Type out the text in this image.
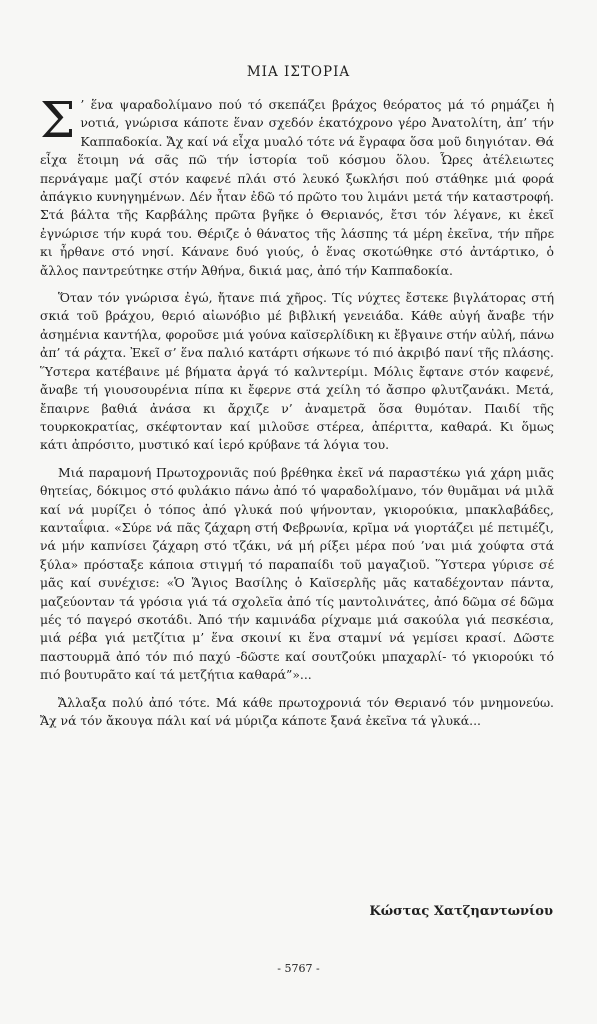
ΜΙΑ ΙΣΤΟΡΙΑ

Σ ’ ἕνα ψαραδολίμανο πού τό σκεπάζει βράχος θεόρατος μά τό ρημάζει ἡ νοτιά, γνώρισα κάποτε ἕναν σχεδόν ἑκατόχρονο γέρο Ἀνατολίτη, ἀπ’ τήν Καππαδοκία. Ἄχ καί νά εἶχα μυαλό τότε νά ἔγραφα ὅσα μοῦ διηγιόταν. Θά εἶχα ἕτοιμη νά σᾶς πῶ τήν ἱστορία τοῦ κόσμου ὅλου. Ὧρες ἀτέλειωτες περνάγαμε μαζί στόν καφενέ πλάι στό λευκό ξωκλήσι πού στάθηκε μιά φορά ἀπάγκιο κυνηγημένων. Δέν ἦταν ἐδῶ τό πρῶτο του λιμάνι μετά τήν καταστροφή. Στά βάλτα τῆς Καρβάλης πρῶτα βγῆκε ὁ Θεριανός, ἔτσι τόν λέγανε, κι ἐκεῖ ἐγνώρισε τήν κυρά του. Θέριζε ὁ θάνατος τῆς λάσπης τά μέρη ἐκεῖνα, τήν πῆρε κι ἦρθανε στό νησί. Κάνανε δυό γιούς, ὁ ἕνας σκοτώθηκε στό ἀντάρτικο, ὁ ἄλλος παντρεύτηκε στήν Ἀθήνα, δικιά μας, ἀπό τήν Καππαδοκία.

Ὅταν τόν γνώρισα ἐγώ, ἤτανε πιά χῆρος. Τίς νύχτες ἔστεκε βιγλάτορας στή σκιά τοῦ βράχου, θεριό αἰωνόβιο μέ βιβλική γενειάδα. Κάθε αὐγή ἄναβε τήν ἀσημένια καντήλα, φοροῦσε μιά γούνα καϊσερλίδικη κι ἔβγαινε στήν αὐλή, πάνω ἀπ’ τά ράχτα. Ἐκεῖ σ’ ἕνα παλιό κατάρτι σήκωνε τό πιό ἀκριβό πανί τῆς πλάσης. Ὕστερα κατέβαινε μέ βήματα ἀργά τό καλντερίμι. Μόλις ἔφτανε στόν καφενέ, ἄναβε τή γιουσουρένια πίπα κι ἔφερνε στά χείλη τό ἄσπρο φλυτζανάκι. Μετά, ἔπαιρνε βαθιά ἀνάσα κι ἄρχιζε ν’ ἀναμετρᾶ ὅσα θυμόταν. Παιδί τῆς τουρκοκρατίας, σκέφτονταν καί μιλοῦσε στέρεα, ἀπέριττα, καθαρά. Κι ὅμως κάτι ἀπρόσιτο, μυστικό καί ἱερό κρύβανε τά λόγια του.

Μιά παραμονή Πρωτοχρονιᾶς πού βρέθηκα ἐκεῖ νά παραστέκω γιά χάρη μιᾶς θητείας, δόκιμος στό φυλάκιο πάνω ἀπό τό ψαραδολίμανο, τόν θυμᾶμαι νά μιλᾶ καί νά μυρίζει ὁ τόπος ἀπό γλυκά πού ψήνονταν, γκιορούκια, μπακλαβάδες, κανταΐφια. «Σύρε νά πᾶς ζάχαρη στή Φεβρωνία, κρῖμα νά γιορτάζει μέ πετιμέζι, νά μήν καπνίσει ζάχαρη στό τζάκι, νά μή ρίξει μέρα πού ’ναι μιά χούφτα στά ξύλα» πρόσταξε κάποια στιγμή τό παραπαίδι τοῦ μαγαζιοῦ. Ὕστερα γύρισε σέ μᾶς καί συνέχισε: «Ὁ Ἅγιος Βασίλης ὁ Καϊσερλῆς μᾶς καταδέχονταν πάντα, μαζεύονταν τά γρόσια γιά τά σχολεῖα ἀπό τίς μαντολινάτες, ἀπό δῶμα σέ δῶμα μές τό παγερό σκοτάδι. Ἀπό τήν καμινάδα ρίχναμε μιά σακούλα γιά πεσκέσια, μιά ρέβα γιά μετζίτια μ’ ἕνα σκοινί κι ἕνα σταμνί νά γεμίσει κρασί. Δῶστε παστουρμᾶ ἀπό τόν πιό παχύ -δῶστε καί σουτζούκι μπαχαρλί- τό γκιορούκι τό πιό βουτυρᾶτο καί τά μετζήτια καθαρά”»...

Ἄλλαξα πολύ ἀπό τότε. Μά κάθε πρωτοχρονιά τόν Θεριανό τόν μνημονεύω. Ἄχ νά τόν ἄκουγα πάλι καί νά μύριζα κάποτε ξανά ἐκεῖνα τά γλυκά...

Κώστας Χατζηαντωνίου
- 5767 -
